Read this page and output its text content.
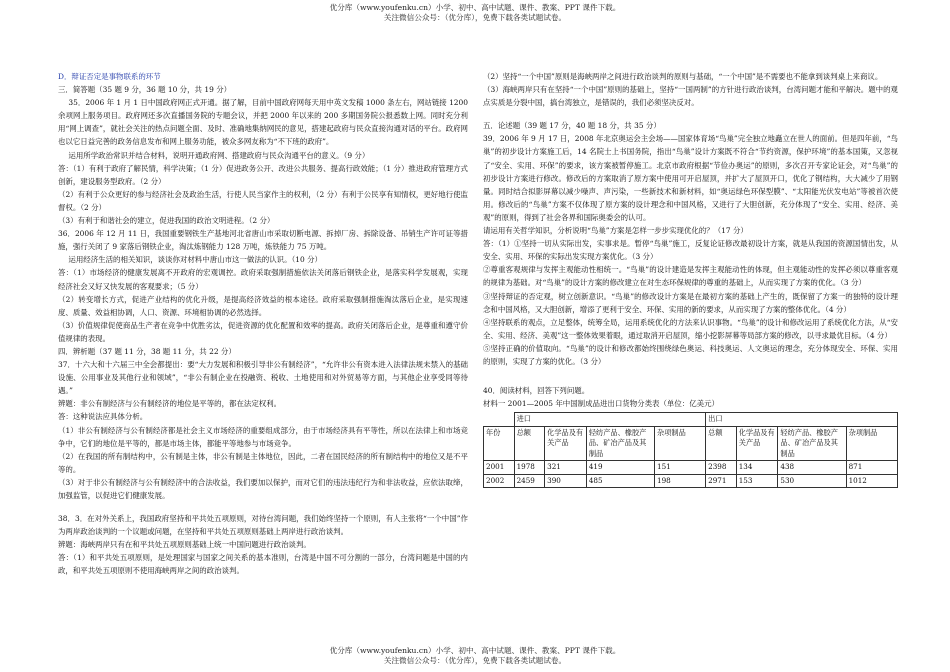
优分库（www.youfenku.cn）小学、初中、高中试题、课件、教案、PPT 课件下载。
关注微信公众号：（优分库），免费下载各类试题试卷。

D．辩证否定是事物联系的环节

三．简答题（35 题 9 分，36 题 10 分，共 19 分）

35．2006 年 1 月 1 日中国政府网正式开通。据了解，目前中国政府网每天用中英文发稿 1000 条左右，网站链接 1200 余项网上服务项目。政府网还多次直播国务院的专题会议，并把 2000 年以来的 200 多期国务院公报悉数上网。同时充分利用“网上调查”，就社会关注的热点问题全面、及时、准确地集纳网民的意见，搭建起政府与民众直接沟通对话的平台。政府网也以它日益完善的政务信息发布和网上服务功能，被众多网友称为“不下班的政府”。

运用所学政治常识并结合材料，说明开通政府网、搭建政府与民众沟通平台的意义。（9 分）

答：（1）有利于政府了解民情，科学决策；（1 分）促进政务公开、改进公共服务、提高行政效能；（1 分）推进政府管理方式创新，建设服务型政府。（2 分）

（2）有利于公众更好的参与经济社会及政治生活，行使人民当家作主的权利，（2 分）有利于公民享有知情权，更好地行使监督权。（2 分）

（3）有利于和谐社会的建立，促进我国的政治文明进程。（2 分）

36．2006 年 12 月 11 日，我国重要钢铁生产基地河北省唐山市采取切断电源、拆掉厂房、拆除设备、吊销生产许可证等措施，强行关闭了 9 家落后钢铁企业，淘汰炼钢能力 128 万吨，炼铁能力 75 万吨。

运用经济生活的相关知识，谈谈你对材料中唐山市这一做法的认识。（10 分）

答：（1）市场经济的健康发展离不开政府的宏观调控。政府采取强制措施依法关闭落后钢铁企业，是落实科学发展观，实现经济社会又好又快发展的客观要求；（5 分）

（2）转变增长方式，促进产业结构的优化升级，是提高经济效益的根本途径。政府采取强制措施淘汰落后企业，是实现速度、质量、效益相协调，人口、资源、环境相协调的必然选择。

（3）价值规律促使商品生产者在竞争中优胜劣汰，促进资源的优化配置和效率的提高。政府关闭落后企业，是尊重和遵守价值规律的表现。

四．辨析题（37 题 11 分，38 题 11 分，共 22 分）

37．十六大和十六届三中全会都提出：要“大力发展和积极引导非公有制经济”，“允许非公有资本进入法律法规未禁入的基础设施、公用事业及其他行业和领域”，“非公有制企业在投融资、税收、土地使用和对外贸易等方面，与其他企业享受同等待遇。”

辨题：非公有制经济与公有制经济的地位是平等的，都在法定权利。

答：这种说法应具体分析。

（1）非公有制经济与公有制经济都是社会主义市场经济的重要组成部分，由于市场经济具有平等性，所以在法律上和市场竞争中，它们的地位是平等的，都是市场主体，都能平等地参与市场竞争。

（2）在我国的所有制结构中，公有制是主体，非公有制是主体地位，因此，二者在国民经济的所有制结构中的地位又是不平等的。

（3）对于非公有制经济与公有制经济中的合法收益，我们要加以保护，而对它们的违法违纪行为和非法收益，应依法取缔，加强监管，以促进它们健康发展。

38．3．在对外关系上，我国政府坚持和平共处五项原则，对待台湾问题，我们始终坚持一个原则，有人主张将“一个中国”作为两岸政治谈判的一个议题或问题，在坚持和平共处五项原则基础上两岸进行政治谈判。

辨题：海峡两岸只有在和平共处五项原则基础上统一中国问题进行政治谈判。

答：（1）和平共处五项原则，是处理国家与国家之间关系的基本准则，台湾是中国不可分割的一部分，台湾问题是中国的内政，和平共处五项原则不使用海峡两岸之间的政治谈判。

（2）坚持“一个中国”原则是海峡两岸之间进行政治谈判的原则与基础，“一个中国”是不需要也不能拿到谈判桌上来商议。

（3）海峡两岸只有在坚持“一个中国”原则的基础上，坚持“一国两制”的方针进行政治谈判，台湾问题才能和平解决。题中的观点实质是分裂中国，搞台湾独立，是错误的，我们必须坚决反对。

五．论述题（39 题 17 分，40 题 18 分，共 35 分）

39．2006 年 9 月 17 日，2008 年北京奥运会主会场——国家体育场“鸟巢”完全独立地矗立在世人的面前。但是四年前，“鸟巢”的初步设计方案施工后，14 名院士上书国务院，指出“鸟巢”设计方案既不符合“节约资源，保护环境”的基本国策，又忽视了“安全、实用、环保”的要求，该方案被暂停施工。北京市政府根据“节俭办奥运”的原则，多次召开专家论证会，对“鸟巢”的初步设计方案进行修改。修改后的方案取消了原方案中使用可开启屋顶，并扩大了屋顶开口，优化了钢结构，大大减少了用钢量。同时结合拟影屏幕以减少噪声、声污染，一些新技术和新材料，如“奥运绿色环保型膜”、“太阳能光伏发电站”等被首次使用。修改后的“鸟巢”方案不仅体现了原方案的设计理念和中国风格，又进行了大胆创新，充分体现了“安全、实用、经济、美观”的原则，得到了社会各界和国际奥委会的认可。

请运用有关哲学知识，分析说明“鸟巢”方案是怎样一步步实现优化的？（17 分）

答：（1）①坚持一切从实际出发，实事求是。暂停“鸟巢”施工，反复论证修改最初设计方案，就是从我国的资源国情出发，从安全、实用、环保的实际出发实现方案优化。（3 分）

②尊重客观规律与发挥主观能动性相统一。“鸟巢”的设计建造是发挥主观能动性的体现，但主观能动性的发挥必须以尊重客观的规律为基础。对“鸟巢”的设计方案的修改建立在对生态环保规律的尊重的基础上，从而实现了方案的优化。（3 分）

③坚持辩证的否定观，树立创新意识。“鸟巢”的修改设计方案是在最初方案的基础上产生的，既保留了方案一的独特的设计理念和中国风格，又大胆创新，增添了更利于安全、环保、实用的新的要求，从而实现了方案的整体优化。（4 分）

④坚持联系的观点，立足整体，统筹全局，运用系统优化的方法来认识事物。“鸟巢”的设计和修改运用了系统优化方法，从“安全、实用、经济、美观”这一整体效果着眼，通过取消开启屋顶，缩小挖影屏幕等局部方案的修改，以寻求最优目标。（4 分）

⑤坚持正确的价值取向。“鸟巢”的设计和修改都始终围绕绿色奥运、科技奥运、人文奥运的理念，充分体现安全、环保、实用的原则，实现了方案的优化。（3 分）

40．阅读材料，回答下列问题。

材料一 2001—2005 年中国制成品进出口货物分类表（单位：亿美元）

	进口				出口			
年份	总额	化学品及有关产品	轻纺产品、橡胶产品、矿冶产品及其制品	杂项制品	总额	化学品及有关产品	轻纺产品、橡胶产品、矿冶产品及其制品	杂项制品
2001	1978	321	419	151	2398	134	438	871
2002	2459	390	485	198	2971	153	530	1012
优分库（www.youfenku.cn）小学、初中、高中试题、课件、教案、PPT 课件下载。
关注微信公众号：（优分库），免费下载各类试题试卷。
